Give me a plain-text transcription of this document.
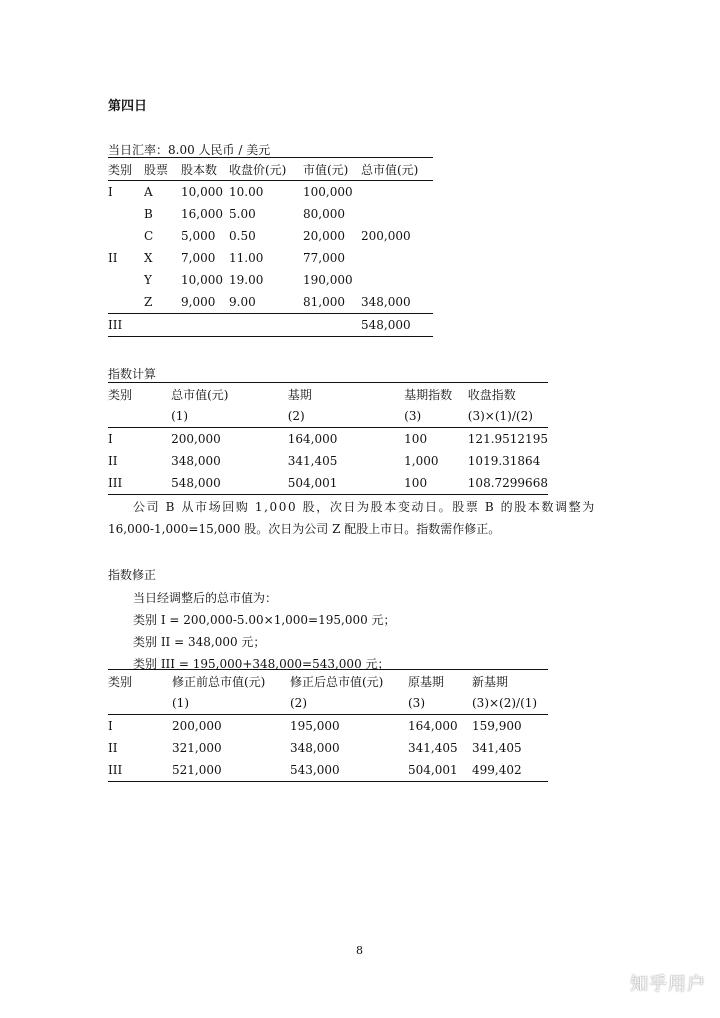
第四日
当日汇率：8.00 人民币 / 美元
类别	股票	股本数	收盘价(元)	市值(元)	总市值(元)
I	A	10,000	10.00	100,000	
	B	16,000	5.00	80,000	
	C	5,000	0.50	20,000	200,000
II	X	7,000	11.00	77,000	
	Y	10,000	19.00	190,000	
	Z	9,000	9.00	81,000	348,000
III					548,000
指数计算
类别	总市值(元)	基期	基期指数	收盘指数
	(1)	(2)	(3)	(3)×(1)/(2)
I	200,000	164,000	100	121.9512195
II	348,000	341,405	1,000	1019.31864
III	548,000	504,001	100	108.7299668
公司 B 从市场回购 1,000 股，次日为股本变动日。股票 B 的股本数调整为
16,000-1,000=15,000 股。次日为公司 Z 配股上市日。指数需作修正。
指数修正
当日经调整后的总市值为：
类别 I = 200,000-5.00×1,000=195,000 元；
类别 II = 348,000 元；
类别 III = 195,000+348,000=543,000 元；
类别	修正前总市值(元)	修正后总市值(元)	原基期	新基期
	(1)	(2)	(3)	(3)×(2)/(1)
I	200,000	195,000	164,000	159,900
II	321,000	348,000	341,405	341,405
III	521,000	543,000	504,001	499,402
8
知乎用户
